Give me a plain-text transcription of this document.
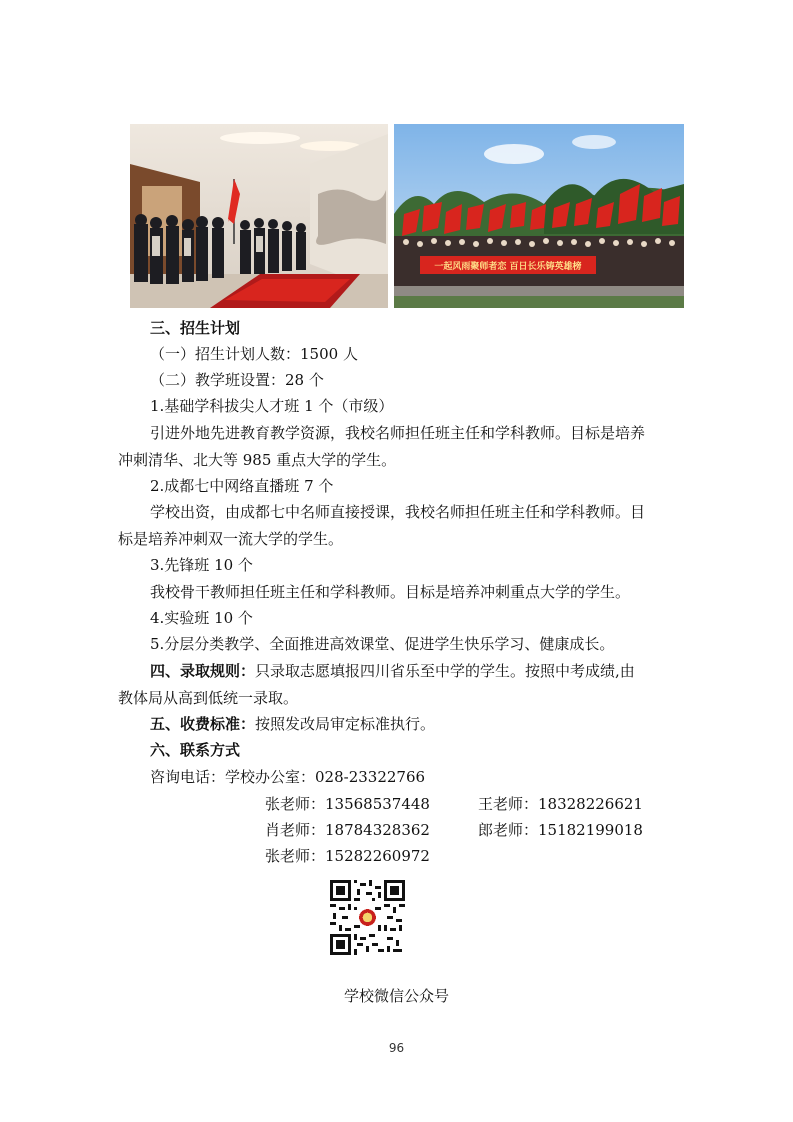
一起风雨聚师者恋 百日长乐铸英雄榜
三、招生计划
（一）招生计划人数：1500 人
（二）教学班设置：28 个
1.基础学科拔尖人才班 1 个（市级）
引进外地先进教育教学资源，我校名师担任班主任和学科教师。目标是培养
冲刺清华、北大等 985 重点大学的学生。
2.成都七中网络直播班 7 个
学校出资，由成都七中名师直接授课，我校名师担任班主任和学科教师。目
标是培养冲刺双一流大学的学生。
3.先锋班 10 个
我校骨干教师担任班主任和学科教师。目标是培养冲刺重点大学的学生。
4.实验班 10 个
5.分层分类教学、全面推进高效课堂、促进学生快乐学习、健康成长。
四、录取规则：只录取志愿填报四川省乐至中学的学生。按照中考成绩,由
教体局从高到低统一录取。
五、收费标准：按照发改局审定标准执行。
六、联系方式
咨询电话：学校办公室：028-23322766
张老师：13568537448	王老师：18328226621
肖老师：18784328362	郎老师：15182199018
张老师：15282260972
学校微信公众号
96
